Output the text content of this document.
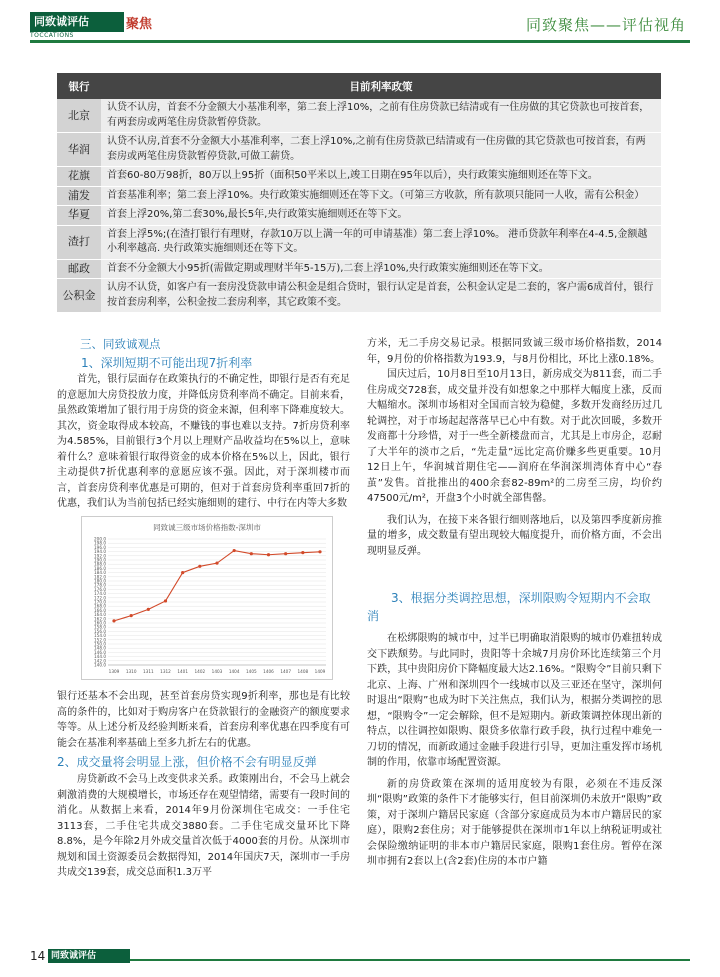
同致诚评估
TOCCATIONS
聚焦	同致聚焦——评估视角
银行	目前利率政策
北京	认贷不认房，首套不分金额大小基准利率，第二套上浮10%，之前有住房贷款已结清或有一住房做的其它贷款也可按首套，有两套房或两笔住房贷款暂停贷款。
华润	认贷不认房,首套不分金额大小基准利率，二套上浮10%,之前有住房贷款已结清或有一住房做的其它贷款也可按首套，有两套房或两笔住房贷款暂停贷款,可做工薪贷。
花旗	首套60-80万98折，80万以上95折（面积50平米以上,竣工日期在95年以后），央行政策实施细则还在等下文。
浦发	首套基准利率；第二套上浮10%。央行政策实施细则还在等下文。（可第三方收款，所有款项只能同一人收，需有公积金）
华夏	首套上浮20%,第二套30%,最长5年,央行政策实施细则还在等下文。
渣打	首套上浮5%;(在渣打银行有理财，存款10万以上满一年的可申请基准）第二套上浮10%。 港币贷款年利率在4-4.5,金额越小利率越高. 央行政策实施细则还在等下文。
邮政	首套不分金额大小95折(需做定期或理财半年5-15万),二套上浮10%,央行政策实施细则还在等下文。
公积金	认房不认贷，如客户有一套房没贷款申请公积金是组合贷时，银行认定是首套，公积金认定是二套的，客户需6成首付，银行按首套房利率，公积金按二套房利率，其它政策不变。
三、同致诚观点
1、深圳短期不可能出现7折利率

首先，银行层面存在政策执行的不确定性，即银行是否有充足的意愿加大房贷投放力度，并降低房贷利率尚不确定。目前来看，虽然政策增加了银行用于房贷的资金来源，但利率下降难度较大。其次，资金取得成本较高，不赚钱的事也难以支持。7折房贷利率为4.585%，目前银行3个月以上理财产品收益均在5%以上，意味着什么？意味着银行取得资金的成本价格在5%以上，因此，银行主动提供7折优惠利率的意愿应该不强。因此，对于深圳楼市而言，首套房贷利率优惠是可期的，但对于首套房贷利率重回7折的优惠，我们认为当前包括已经实施细则的建行、中行在内等大多数

同致诚三级市场价格指数-深圳市
140.0
142.0
144.0
146.0
148.0
150.0
152.0
154.0
156.0
158.0
160.0
162.0
164.0
166.0
168.0
170.0
172.0
174.0
176.0
178.0
180.0
182.0
184.0
186.0
188.0
190.0
192.0
194.0
196.0
198.0
200.0
1309 1310 1311 1312 1401 1402 1403 1404 1405 1406 1407 1408 1409

银行还基本不会出现，甚至首套房贷实现9折利率，那也是有比较高的条件的，比如对于购房客户在贷款银行的金融资产的额度要求等等。从上述分析及经验判断来看，首套房利率优惠在四季度有可能会在基准利率基础上至多九折左右的优惠。

2、成交量将会明显上涨，但价格不会有明显反弹

房贷新政不会马上改变供求关系。政策刚出台，不会马上就会刺激消费的大规模增长，市场还存在观望情绪，需要有一段时间的消化。从数据上来看，2014年9月份深圳住宅成交：一手住宅3113套，二手住宅共成交3880套。二手住宅成交量环比下降8.8%，是今年除2月外成交量首次低于4000套的月份。从深圳市规划和国土资源委员会数据得知，2014年国庆7天，深圳市一手房共成交139套，成交总面积1.3万平

方米，无二手房交易记录。根据同致诚三级市场价格指数，2014年，9月份的价格指数为193.9，与8月份相比，环比上涨0.18%。

国庆过后，10月8日至10月13日，新房成交为811套，而二手住房成交728套，成交量并没有如想象之中那样大幅度上涨，反而大幅缩水。深圳市场相对全国而言较为稳健，多数开发商经历过几轮调控，对于市场起起落落早已心中有数。对于此次回暖，多数开发商都十分珍惜，对于一些全新楼盘而言，尤其是上市房企，忍耐了大半年的淡市之后，“先走量”远比定高价赚多些更重要。10月12日上午，华润城首期住宅——润府在华润深圳湾体育中心“春茧”发售。首批推出的400余套82-89m²的二房至三房，均价约47500元/m²，开盘3个小时就全部售罄。

我们认为，在接下来各银行细则落地后，以及第四季度新房推量的增多，成交数量有望出现较大幅度提升，而价格方面，不会出现明显反弹。

3、根据分类调控思想，深圳限购令短期内不会取消

在松绑限购的城市中，过半已明确取消限购的城市仍难扭转成交下跌颓势。与此同时，贵阳等十余城7月房价环比连续第三个月下跌，其中贵阳房价下降幅度最大达2.16%。“限购令”目前只剩下北京、上海、广州和深圳四个一线城市以及三亚还在坚守，深圳何时退出“限购”也成为时下关注焦点，我们认为，根据分类调控的思想，“限购令”一定会解除，但不是短期内。新政策调控体现出新的特点，以往调控如限购、限贷多依靠行政手段，执行过程中难免一刀切的情况，而新政通过金融手段进行引导，更加注重发挥市场机制的作用，依靠市场配置资源。

新的房贷政策在深圳的适用度较为有限，必须在不违反深圳“限购”政策的条件下才能够实行，但目前深圳仍未放开“限购”政策，对于深圳户籍居民家庭（含部分家庭成员为本市户籍居民的家庭），限购2套住房；对于能够提供在深圳市1年以上纳税证明或社会保险缴纳证明的非本市户籍居民家庭，限购1套住房。暂停在深圳市拥有2套以上(含2套)住房的本市户籍

14 同致诚评估
